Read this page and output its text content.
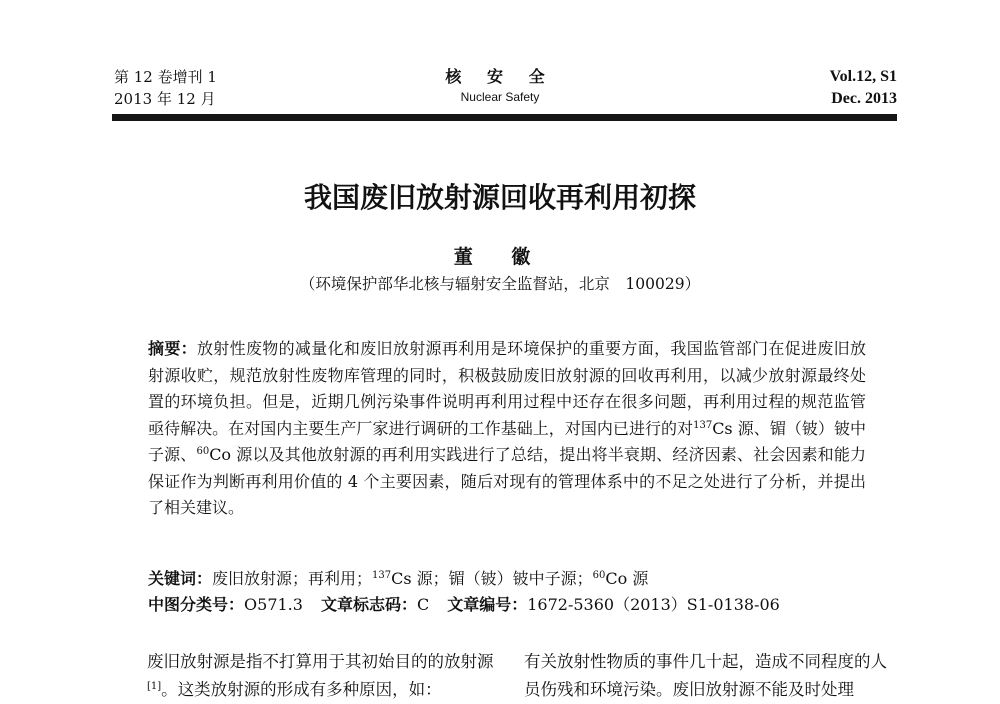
第 12 卷增刊 1
2013 年 12 月
核 安 全
Nuclear Safety
Vol.12, S1
Dec. 2013
我国废旧放射源回收再利用初探
董 徽
（环境保护部华北核与辐射安全监督站，北京　100029）
摘要：放射性废物的减量化和废旧放射源再利用是环境保护的重要方面，我国监管部门在促进废旧放射源收贮，规范放射性废物库管理的同时，积极鼓励废旧放射源的回收再利用，以减少放射源最终处置的环境负担。但是，近期几例污染事件说明再利用过程中还存在很多问题，再利用过程的规范监管亟待解决。在对国内主要生产厂家进行调研的工作基础上，对国内已进行的对$^{137}$Cs 源、镅（铍）铍中子源、$^{60}$Co 源以及其他放射源的再利用实践进行了总结，提出将半衰期、经济因素、社会因素和能力保证作为判断再利用价值的 4 个主要因素，随后对现有的管理体系中的不足之处进行了分析，并提出了相关建议。
关键词：废旧放射源；再利用；$^{137}$Cs 源；镅（铍）铍中子源；$^{60}$Co 源
中图分类号：O571.3 文章标志码：C 文章编号：1672-5360（2013）S1-0138-06
废旧放射源是指不打算用于其初始目的的放射源[1]。这类放射源的形成有多种原因，如：
有关放射性物质的事件几十起，造成不同程度的人员伤残和环境污染。废旧放射源不能及时处理
